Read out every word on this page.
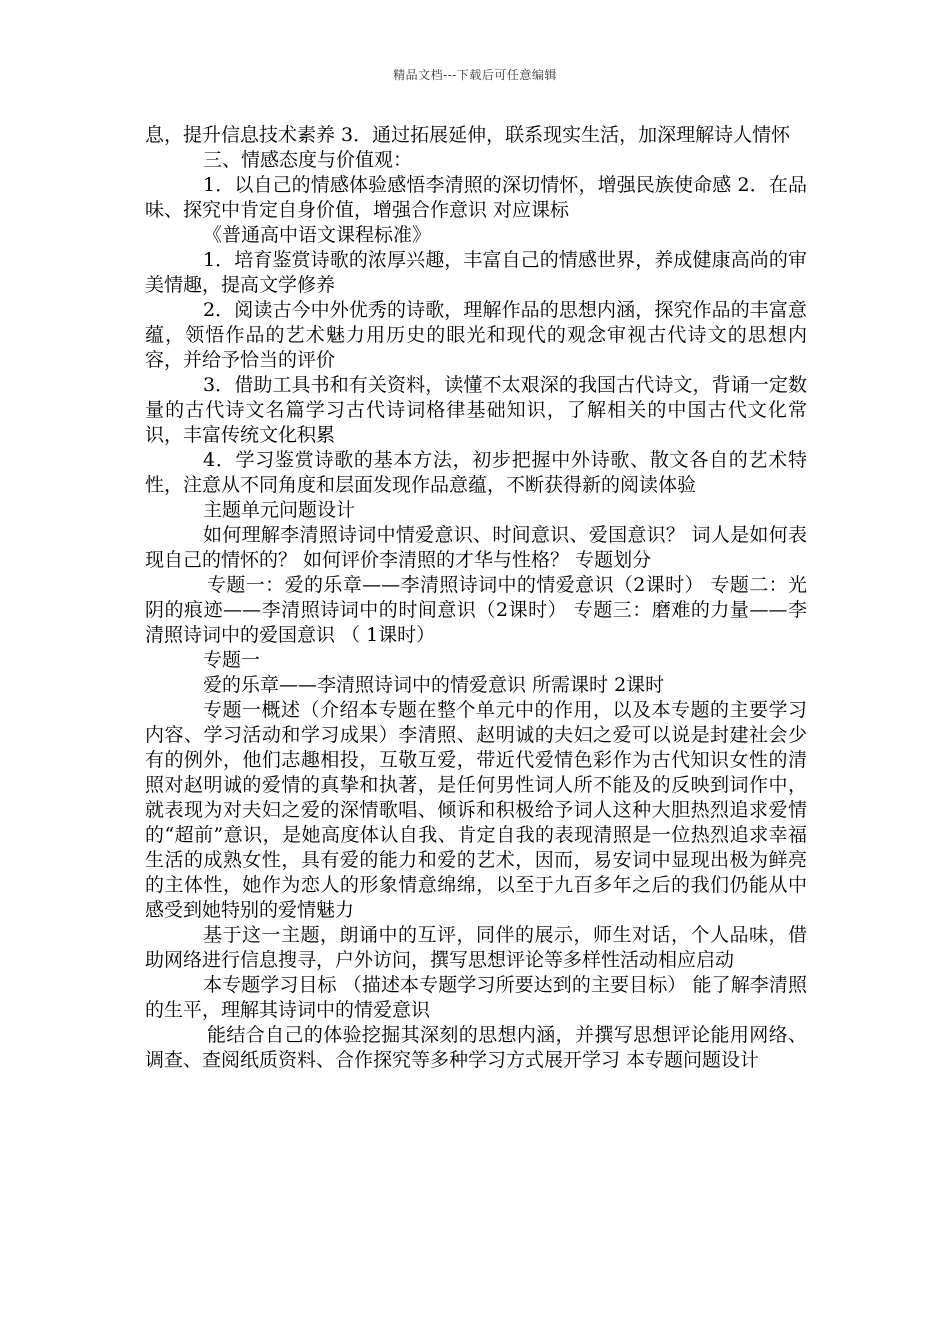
精品文档---下载后可任意编辑

息，提升信息技术素养 3．通过拓展延伸，联系现实生活，加深理解诗人情怀

三、情感态度与价值观：

1．以自己的情感体验感悟李清照的深切情怀，增强民族使命感 2．在品味、探究中肯定自身价值，增强合作意识 对应课标

《普通高中语文课程标准》

1．培育鉴赏诗歌的浓厚兴趣，丰富自己的情感世界，养成健康高尚的审美情趣，提高文学修养

2．阅读古今中外优秀的诗歌，理解作品的思想内涵，探究作品的丰富意蕴，领悟作品的艺术魅力用历史的眼光和现代的观念审视古代诗文的思想内容，并给予恰当的评价

3．借助工具书和有关资料，读懂不太艰深的我国古代诗文，背诵一定数量的古代诗文名篇学习古代诗词格律基础知识，了解相关的中国古代文化常识，丰富传统文化积累

4．学习鉴赏诗歌的基本方法，初步把握中外诗歌、散文各自的艺术特性，注意从不同角度和层面发现作品意蕴，不断获得新的阅读体验

主题单元问题设计

如何理解李清照诗词中情爱意识、时间意识、爱国意识？ 词人是如何表现自己的情怀的？ 如何评价李清照的才华与性格？ 专题划分

专题一：爱的乐章——李清照诗词中的情爱意识（2课时） 专题二：光阴的痕迹——李清照诗词中的时间意识（2课时） 专题三：磨难的力量——李清照诗词中的爱国意识 （ 1课时）

专题一

爱的乐章——李清照诗词中的情爱意识 所需课时 2课时

专题一概述（介绍本专题在整个单元中的作用，以及本专题的主要学习内容、学习活动和学习成果）李清照、赵明诚的夫妇之爱可以说是封建社会少有的例外，他们志趣相投，互敬互爱，带近代爱情色彩作为古代知识女性的清照对赵明诚的爱情的真挚和执著，是任何男性词人所不能及的反映到词作中，就表现为对夫妇之爱的深情歌唱、倾诉和积极给予词人这种大胆热烈追求爱情的“超前”意识，是她高度体认自我、肯定自我的表现清照是一位热烈追求幸福生活的成熟女性，具有爱的能力和爱的艺术，因而，易安词中显现出极为鲜亮的主体性，她作为恋人的形象情意绵绵，以至于九百多年之后的我们仍能从中感受到她特别的爱情魅力

基于这一主题，朗诵中的互评，同伴的展示，师生对话，个人品味，借助网络进行信息搜寻，户外访问，撰写思想评论等多样性活动相应启动

本专题学习目标 （描述本专题学习所要达到的主要目标） 能了解李清照的生平，理解其诗词中的情爱意识

能结合自己的体验挖掘其深刻的思想内涵，并撰写思想评论能用网络、调查、查阅纸质资料、合作探究等多种学习方式展开学习 本专题问题设计
